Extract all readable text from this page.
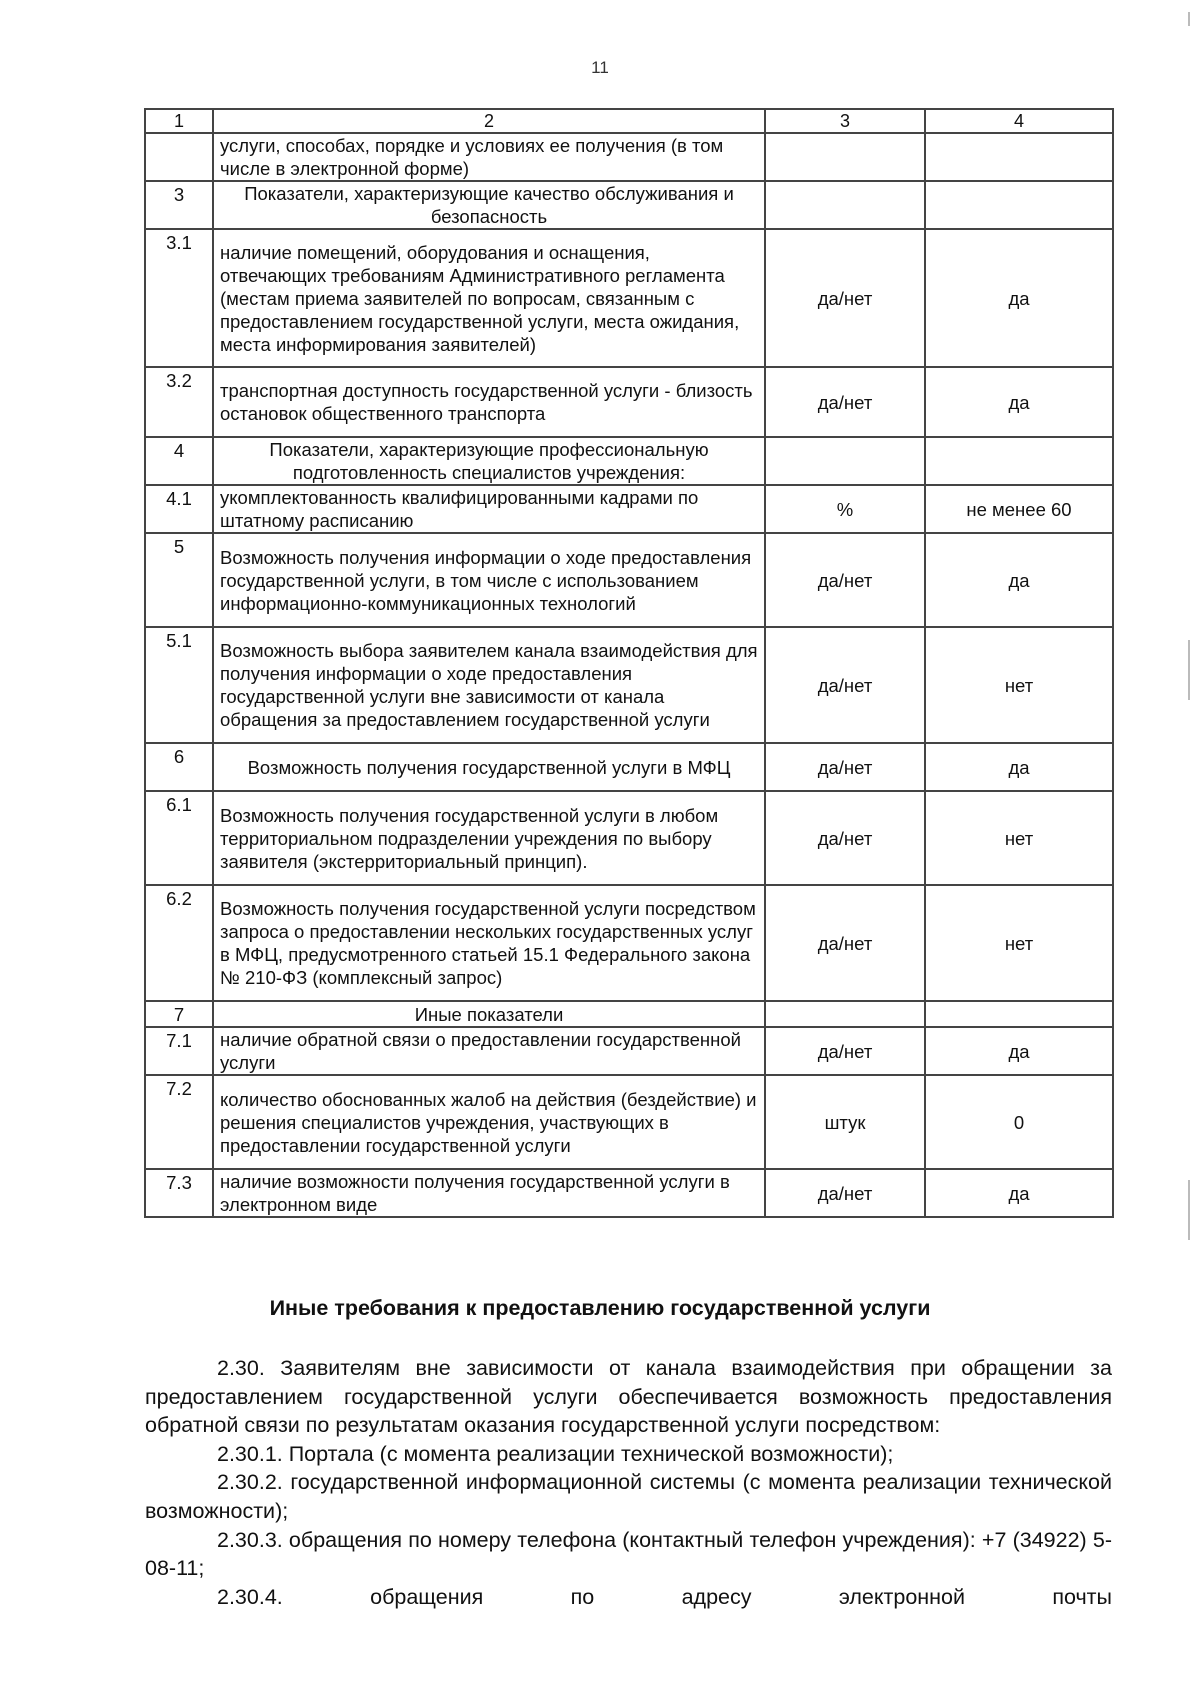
11
1	2	3	4
	услуги, способах, порядке и условиях ее получения (в том числе в электронной форме)		
3	Показатели, характеризующие качество обслуживания и безопасность		
3.1	наличие помещений, оборудования и оснащения, отвечающих требованиям Административного регламента (местам приема заявителей по вопросам, связанным с предоставлением государственной услуги, места ожидания, места информирования заявителей)	да/нет	да
3.2	транспортная доступность государственной услуги - близость остановок общественного транспорта	да/нет	да
4	Показатели, характеризующие профессиональную подготовленность специалистов учреждения:		
4.1	укомплектованность квалифицированными кадрами по штатному расписанию	%	не менее 60
5	Возможность получения информации о ходе предоставления государственной услуги, в том числе с использованием информационно-коммуникационных технологий	да/нет	да
5.1	Возможность выбора заявителем канала взаимодействия для получения информации о ходе предоставления государственной услуги вне зависимости от канала обращения за предоставлением государственной услуги	да/нет	нет
6	Возможность получения государственной услуги в МФЦ	да/нет	да
6.1	Возможность получения государственной услуги в любом территориальном подразделении учреждения по выбору заявителя (экстерриториальный принцип).	да/нет	нет
6.2	Возможность получения государственной услуги посредством запроса о предоставлении нескольких государственных услуг в МФЦ, предусмотренного статьей 15.1 Федерального закона № 210-ФЗ (комплексный запрос)	да/нет	нет
7	Иные показатели		
7.1	наличие обратной связи о предоставлении государственной услуги	да/нет	да
7.2	количество обоснованных жалоб на действия (бездействие) и решения специалистов учреждения, участвующих в предоставлении государственной услуги	штук	0
7.3	наличие возможности получения государственной услуги в электронном виде	да/нет	да
Иные требования к предоставлению государственной услуги

2.30. Заявителям вне зависимости от канала взаимодействия при обращении за предоставлением государственной услуги обеспечивается возможность предоставления обратной связи по результатам оказания государственной услуги посредством:

2.30.1. Портала (с момента реализации технической возможности);

2.30.2. государственной информационной системы (с момента реализации технической возможности);

2.30.3. обращения по номеру телефона (контактный телефон учреждения): +7 (34922) 5-08-11;

2.30.4. обращения по адресу электронной почты
